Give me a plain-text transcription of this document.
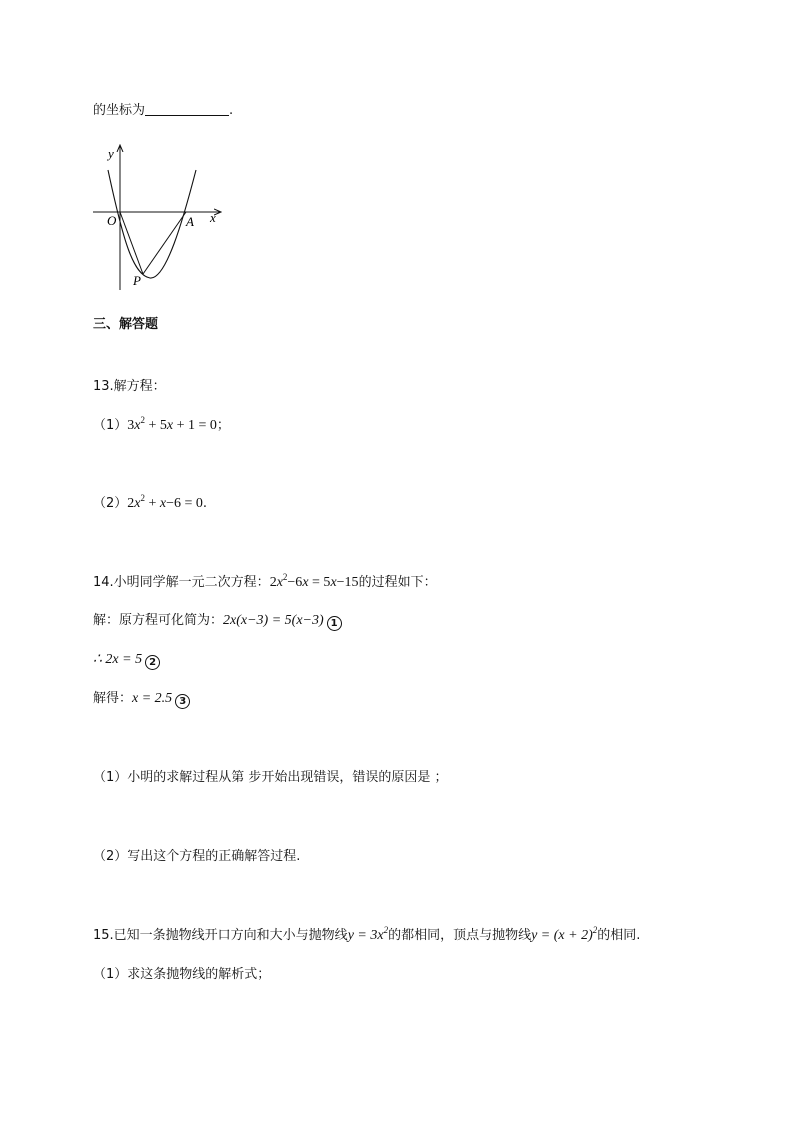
的坐标为	.
y
x
O	A
P
三、解答题
13.解方程：
$(1)3x^2 + 5x + 1 = 0$；
$(2)2x^2 + x-6 = 0$.
14.小明同学解一元二次方程：$2x^2-6x = 5x-15$的过程如下：
解：原方程可化简为：2x(x−3) = 5(x−3) 1
∴ 2x = 5 2
解得：x = 2.5 3
（1）小明的求解过程从第 步开始出现错误，错误的原因是 ；
（2）写出这个方程的正确解答过程.
15.已知一条抛物线开口方向和大小与抛物线$y = 3x^2$的都相同，顶点与抛物线$y = (x + 2)^2$的相同.
（1）求这条抛物线的解析式；
